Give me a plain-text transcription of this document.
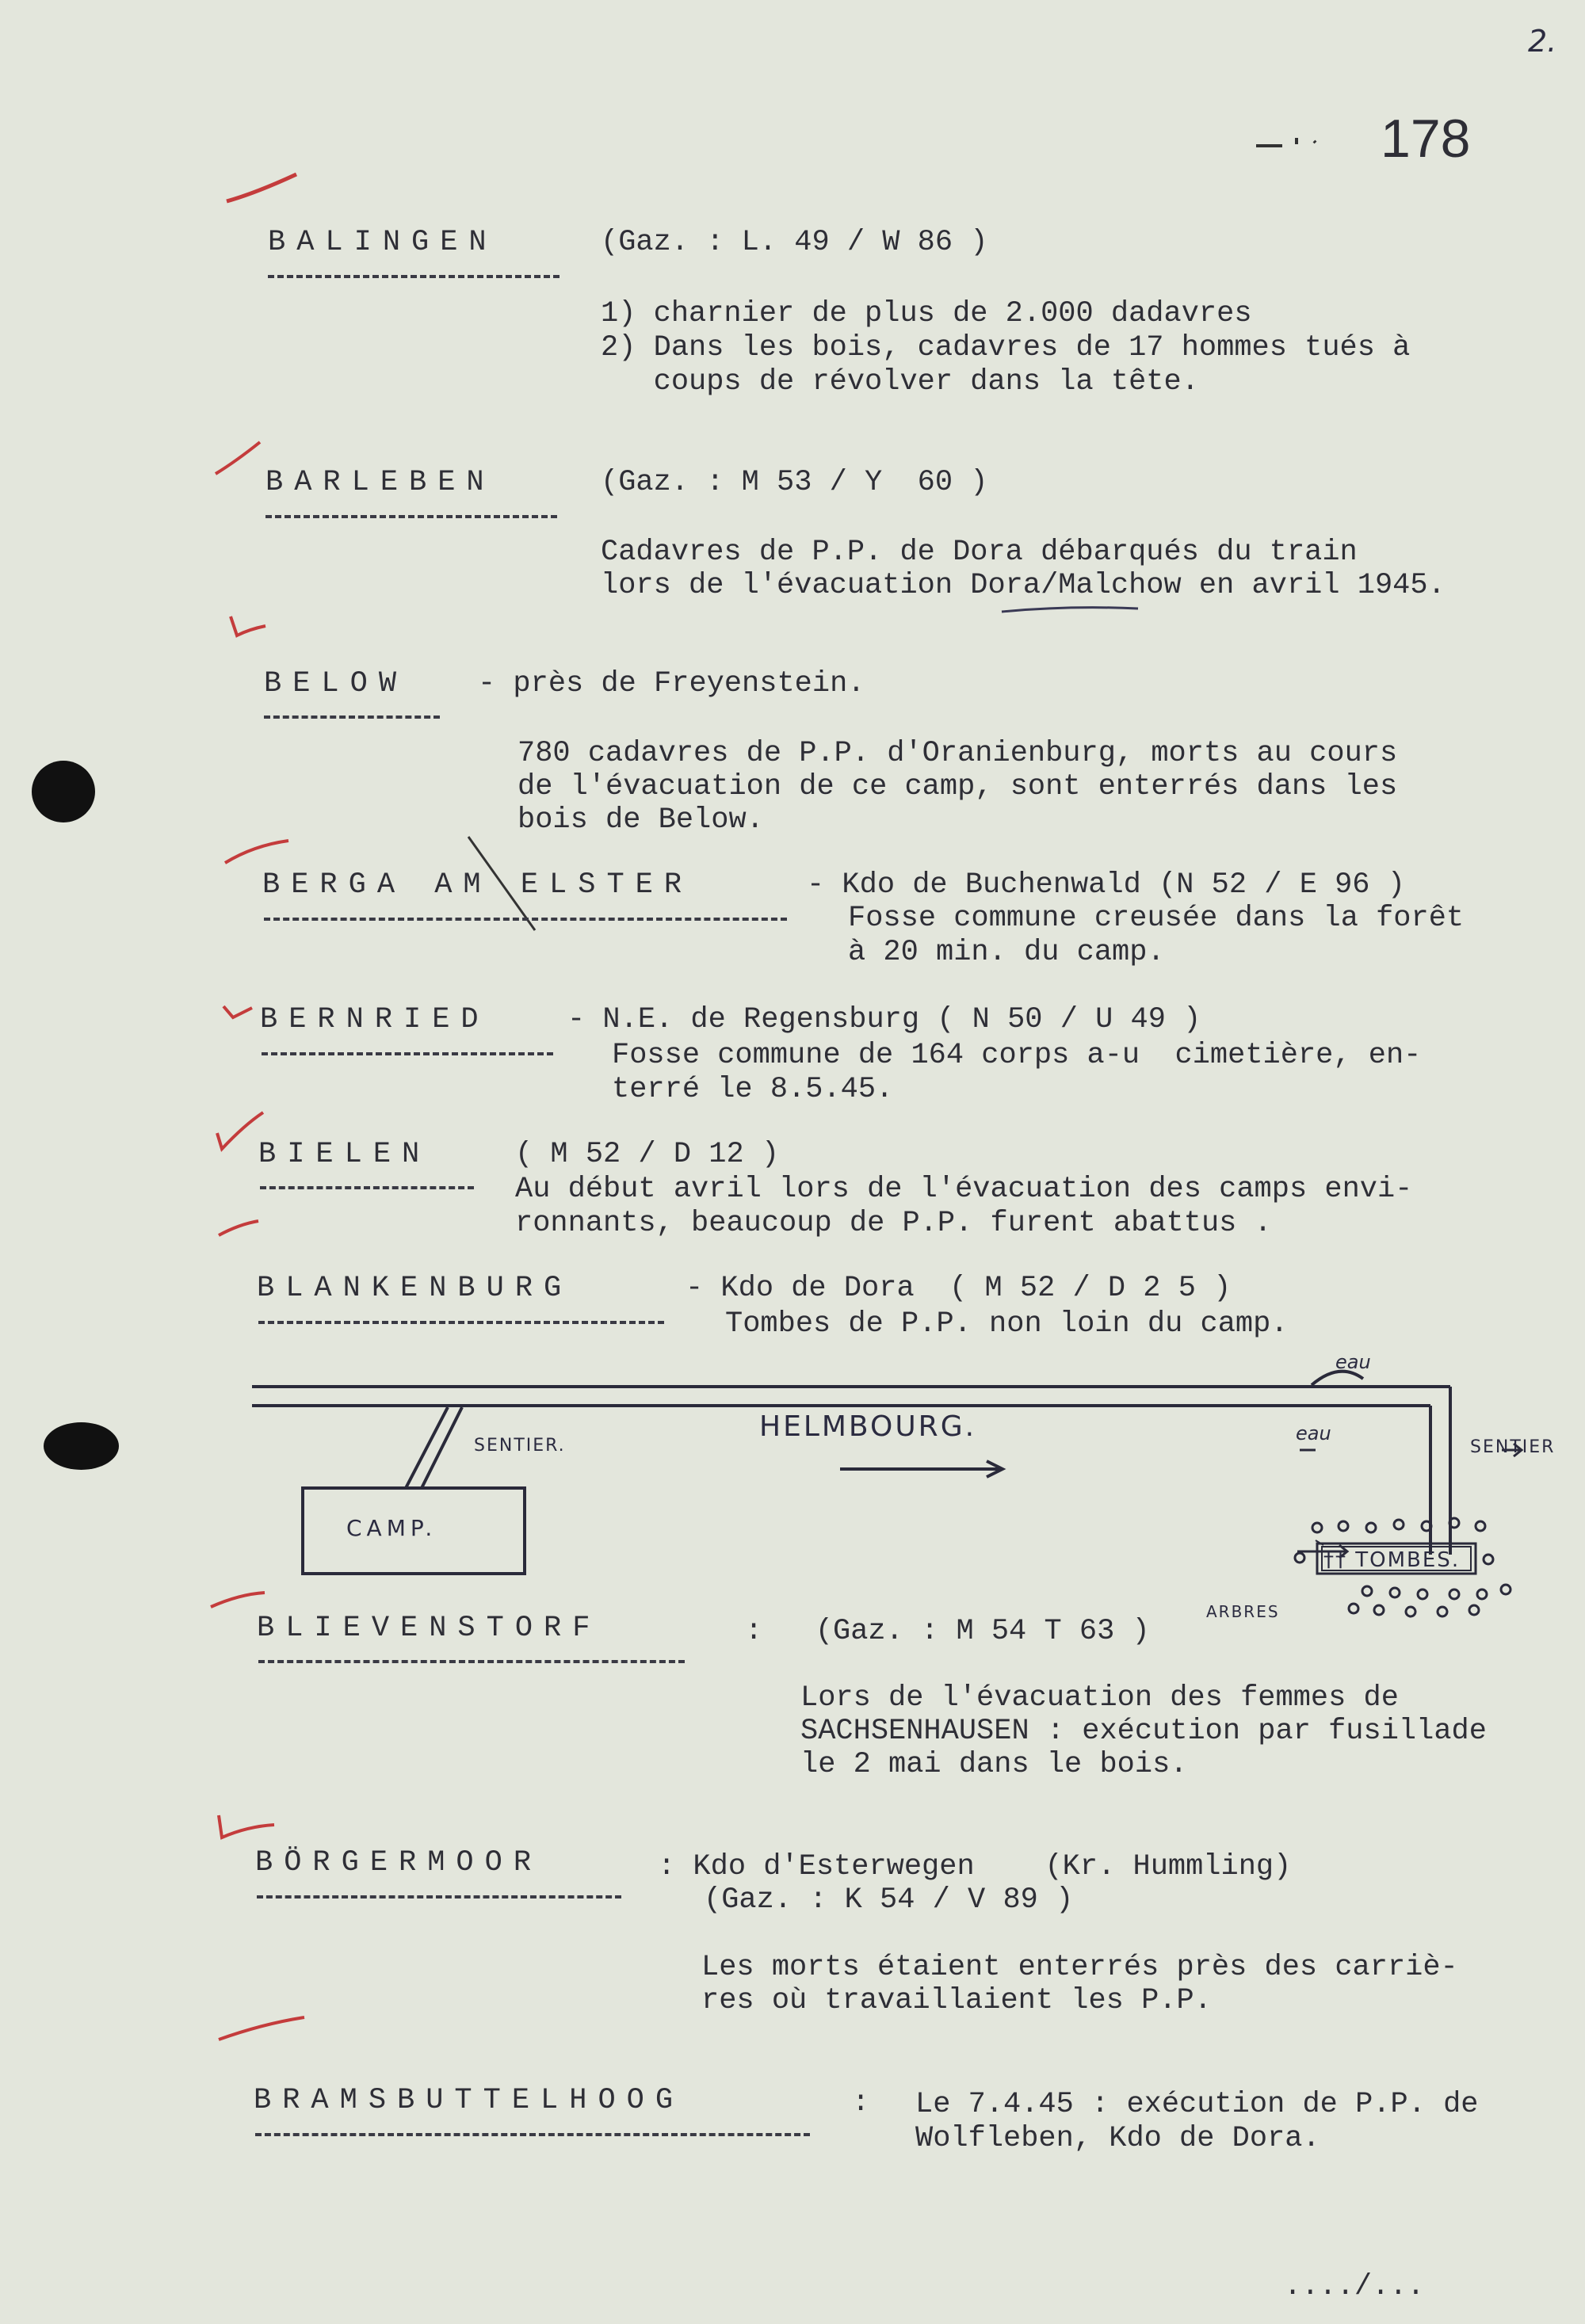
2.
178
BALINGEN	(Gaz. : L. 49 / W 86 )
1) charnier de plus de 2.000 dadavres
2) Dans les bois, cadavres de 17 hommes tués à
coups de révolver dans la tête.
BARLEBEN	(Gaz. : M 53 / Y  60 )
Cadavres de P.P. de Dora débarqués du train
lors de l'évacuation Dora/Malchow en avril 1945.
BELOW - près de Freyenstein.
780 cadavres de P.P. d'Oranienburg, morts au cours
de l'évacuation de ce camp, sont enterrés dans les
bois de Below.
BERGA AM ELSTER	- Kdo de Buchenwald (N 52 / E 96 )
Fosse commune creusée dans la forêt
à 20 min. du camp.
BERNRIED	- N.E. de Regensburg ( N 50 / U 49 )
Fosse commune de 164 corps a-u  cimetière, en-
terré le 8.5.45.
BIELEN	( M 52 / D 12 )
Au début avril lors de l'évacuation des camps envi-
ronnants, beaucoup de P.P. furent abattus .
BLANKENBURG	- Kdo de Dora  ( M 52 / D 2 5 )
Tombes de P.P. non loin du camp.
HELMBOURG.
SENTIER.	SENTIER
eau
eau
CAMP.
†† TOMBES.
ARBRES
BLIEVENSTORF	:   (Gaz. : M 54 T 63 )
Lors de l'évacuation des femmes de
SACHSENHAUSEN : exécution par fusillade
le 2 mai dans le bois.
BÖRGERMOOR	: Kdo d'Esterwegen    (Kr. Hummling)
(Gaz. : K 54 / V 89 )
Les morts étaient enterrés près des carriè-
res où travaillaient les P.P.
BRAMSBUTTELHOOG	: Le 7.4.45 : exécution de P.P. de
Wolfleben, Kdo de Dora.
..../...
